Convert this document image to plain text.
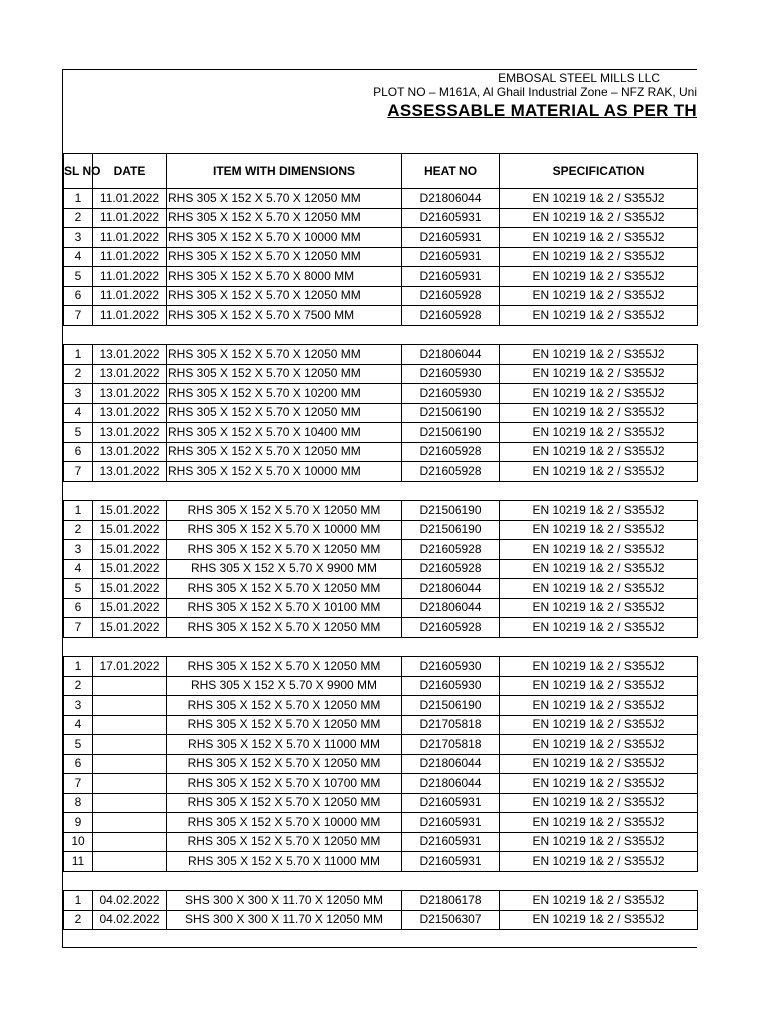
EMBOSAL STEEL MILLS LLC
PLOT NO – M161A, Al Ghail Industrial Zone – NFZ RAK, Uni
ASSESSABLE MATERIAL AS PER TH
SL NO	DATE	ITEM WITH DIMENSIONS	HEAT NO	SPECIFICATION
1	11.01.2022	RHS 305 X 152 X 5.70 X 12050 MM	D21806044	EN 10219 1& 2 / S355J2
2	11.01.2022	RHS 305 X 152 X 5.70 X 12050 MM	D21605931	EN 10219 1& 2 / S355J2
3	11.01.2022	RHS 305 X 152 X 5.70 X 10000 MM	D21605931	EN 10219 1& 2 / S355J2
4	11.01.2022	RHS 305 X 152 X 5.70 X 12050 MM	D21605931	EN 10219 1& 2 / S355J2
5	11.01.2022	RHS 305 X 152 X 5.70 X 8000 MM	D21605931	EN 10219 1& 2 / S355J2
6	11.01.2022	RHS 305 X 152 X 5.70 X 12050 MM	D21605928	EN 10219 1& 2 / S355J2
7	11.01.2022	RHS 305 X 152 X 5.70 X 7500 MM	D21605928	EN 10219 1& 2 / S355J2

1	13.01.2022	RHS 305 X 152 X 5.70 X 12050 MM	D21806044	EN 10219 1& 2 / S355J2
2	13.01.2022	RHS 305 X 152 X 5.70 X 12050 MM	D21605930	EN 10219 1& 2 / S355J2
3	13.01.2022	RHS 305 X 152 X 5.70 X 10200 MM	D21605930	EN 10219 1& 2 / S355J2
4	13.01.2022	RHS 305 X 152 X 5.70 X 12050 MM	D21506190	EN 10219 1& 2 / S355J2
5	13.01.2022	RHS 305 X 152 X 5.70 X 10400 MM	D21506190	EN 10219 1& 2 / S355J2
6	13.01.2022	RHS 305 X 152 X 5.70 X 12050 MM	D21605928	EN 10219 1& 2 / S355J2
7	13.01.2022	RHS 305 X 152 X 5.70 X 10000 MM	D21605928	EN 10219 1& 2 / S355J2

1	15.01.2022	RHS 305 X 152 X 5.70 X 12050 MM	D21506190	EN 10219 1& 2 / S355J2
2	15.01.2022	RHS 305 X 152 X 5.70 X 10000 MM	D21506190	EN 10219 1& 2 / S355J2
3	15.01.2022	RHS 305 X 152 X 5.70 X 12050 MM	D21605928	EN 10219 1& 2 / S355J2
4	15.01.2022	RHS 305 X 152 X 5.70 X 9900 MM	D21605928	EN 10219 1& 2 / S355J2
5	15.01.2022	RHS 305 X 152 X 5.70 X 12050 MM	D21806044	EN 10219 1& 2 / S355J2
6	15.01.2022	RHS 305 X 152 X 5.70 X 10100 MM	D21806044	EN 10219 1& 2 / S355J2
7	15.01.2022	RHS 305 X 152 X 5.70 X 12050 MM	D21605928	EN 10219 1& 2 / S355J2

1	17.01.2022	RHS 305 X 152 X 5.70 X 12050 MM	D21605930	EN 10219 1& 2 / S355J2
2		RHS 305 X 152 X 5.70 X 9900 MM	D21605930	EN 10219 1& 2 / S355J2
3		RHS 305 X 152 X 5.70 X 12050 MM	D21506190	EN 10219 1& 2 / S355J2
4		RHS 305 X 152 X 5.70 X 12050 MM	D21705818	EN 10219 1& 2 / S355J2
5		RHS 305 X 152 X 5.70 X 11000 MM	D21705818	EN 10219 1& 2 / S355J2
6		RHS 305 X 152 X 5.70 X 12050 MM	D21806044	EN 10219 1& 2 / S355J2
7		RHS 305 X 152 X 5.70 X 10700 MM	D21806044	EN 10219 1& 2 / S355J2
8		RHS 305 X 152 X 5.70 X 12050 MM	D21605931	EN 10219 1& 2 / S355J2
9		RHS 305 X 152 X 5.70 X 10000 MM	D21605931	EN 10219 1& 2 / S355J2
10		RHS 305 X 152 X 5.70 X 12050 MM	D21605931	EN 10219 1& 2 / S355J2
11		RHS 305 X 152 X 5.70 X 11000 MM	D21605931	EN 10219 1& 2 / S355J2

1	04.02.2022	SHS 300 X 300 X 11.70 X 12050 MM	D21806178	EN 10219 1& 2 / S355J2
2	04.02.2022	SHS 300 X 300 X 11.70 X 12050 MM	D21506307	EN 10219 1& 2 / S355J2
